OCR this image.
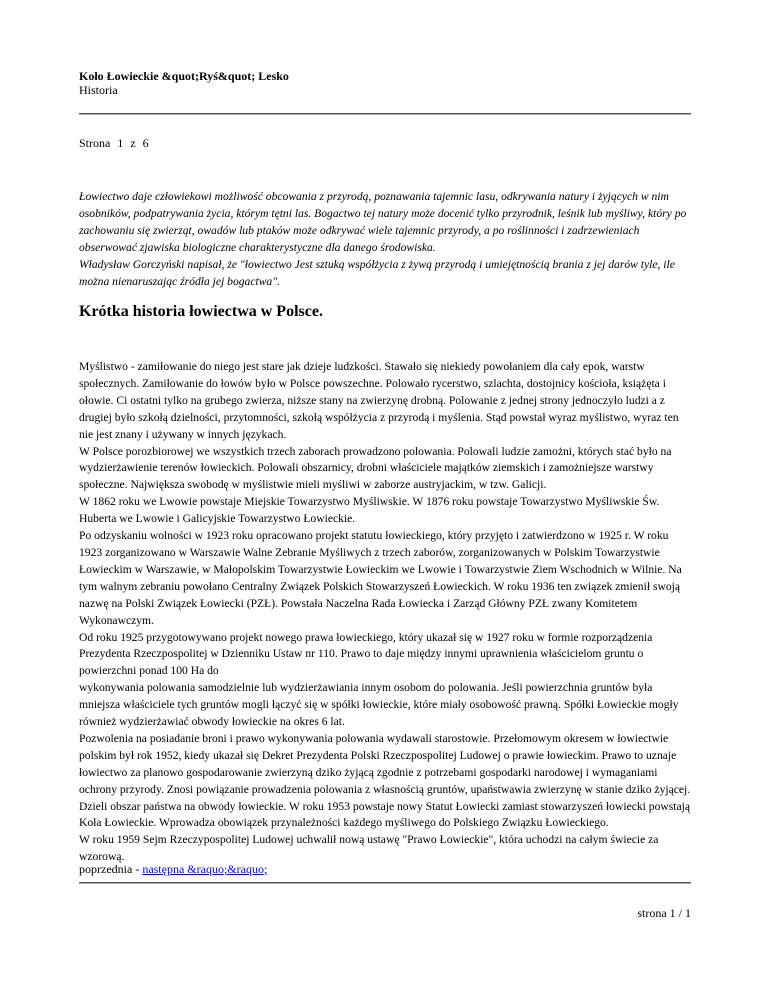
Koło Łowieckie &quot;Ryś&quot; Lesko
Historia
Strona 1 z 6

Łowiectwo daje człowiekowi możliwość obcowania z przyrodą, poznawania tajemnic lasu, odkrywania natury i żyjących w nim osobników, podpatrywania życia, którym tętni las. Bogactwo tej natury może docenić tylko przyrodnik, leśnik lub myśliwy, który po zachowaniu się zwierząt, owadów lub ptaków może odkrywać wiele tajemnic przyrody, a po roślinności i zadrzewieniach obserwować zjawiska biologiczne charakterystyczne dla danego środowiska.

Władysław Gorczyński napisał, że "łowiectwo Jest sztuką współżycia z żywą przyrodą i umiejętnością brania z jej darów tyle, ile można nienaruszając źródła jej bogactwa".

Krótka historia łowiectwa w Polsce.

Myślistwo - zamiłowanie do niego jest stare jak dzieje ludzkości. Stawało się niekiedy powołaniem dla cały epok, warstw społecznych. Zamiłowanie do łowów było w Polsce powszechne. Polowało rycerstwo, szlachta, dostojnicy kościoła, książęta i ołowie. Ci ostatni tylko na grubego zwierza, niższe stany na zwierzynę drobną. Polowanie z jednej strony jednoczyło ludzi a z drugiej było szkołą dzielności, przytomności, szkołą współżycia z przyrodą i myślenia. Stąd powstał wyraz myślistwo, wyraz ten nie jest znany i używany w innych językach.

W Polsce porozbiorowej we wszystkich trzech zaborach prowadzono polowania. Polowali ludzie zamożni, których stać było na wydzierżawienie terenów łowieckich. Polowali obszarnicy, drobni właściciele majątków ziemskich i zamożniejsze warstwy społeczne. Największa swobodę w myślistwie mieli myśliwi w zaborze austryjackim, w tzw. Galicji.

W 1862 roku we Lwowie powstaje Miejskie Towarzystwo Myśliwskie. W 1876 roku powstaje Towarzystwo Myśliwskie Św. Huberta we Lwowie i Galicyjskie Towarzystwo Łowieckie.

Po odzyskaniu wolności w 1923 roku opracowano projekt statutu łowieckiego, który przyjęto i zatwierdzono w 1925 r. W roku 1923 zorganizowano w Warszawie Walne Zebranie Myśliwych z trzech zaborów, zorganizowanych w Polskim Towarzystwie Łowieckim w Warszawie, w Małopolskim Towarzystwie Łowieckim we Lwowie i Towarzystwie Ziem Wschodnich w Wilnie. Na tym walnym zebraniu powołano Centralny Związek Polskich Stowarzyszeń Łowieckich. W roku 1936 ten związek zmienił swoją nazwę na Polski Związek Łowiecki (PZŁ). Powstała Naczelna Rada Łowiecka i Zarząd Główny PZŁ zwany Komitetem Wykonawczym.

Od roku 1925 przygotowywano projekt nowego prawa łowieckiego, który ukazał się w 1927 roku w formie rozporządzenia Prezydenta Rzeczpospolitej w Dzienniku Ustaw nr 110. Prawo to daje między innymi uprawnienia właścicielom gruntu o powierzchni ponad 100 Ha do

wykonywania polowania samodzielnie lub wydzierżawiania innym osobom do polowania. Jeśli powierzchnia gruntów była mniejsza właściciele tych gruntów mogli łączyć się w spółki łowieckie, które miały osobowość prawną. Spółki Łowieckie mogły również wydzierżawiać obwody łowieckie na okres 6 lat.

Pozwolenia na posiadanie broni i prawo wykonywania polowania wydawali starostowie. Przełomowym okresem w łowiectwie polskim był rok 1952, kiedy ukazał się Dekret Prezydenta Polski Rzeczpospolitej Ludowej o prawie łowieckim. Prawo to uznaje łowiectwo za planowo gospodarowanie zwierzyną dziko żyjącą zgodnie z potrzebami gospodarki narodowej i wymaganiami ochrony przyrody. Znosi powiązanie prowadzenia polowania z własnością gruntów, upaństwawia zwierzynę w stanie dziko żyjącej. Dzieli obszar państwa na obwody łowieckie. W roku 1953 powstaje nowy Statut Łowiecki zamiast stowarzyszeń łowiecki powstają Koła Łowieckie. Wprowadza obowiązek przynależności każdego myśliwego do Polskiego Związku Łowieckiego.

W roku 1959 Sejm Rzeczypospolitej Ludowej uchwalił nową ustawę "Prawo Łowieckie", która uchodzi na całym świecie za wzorową.

poprzednia - następna &raquo;&raquo;
strona 1 / 1
